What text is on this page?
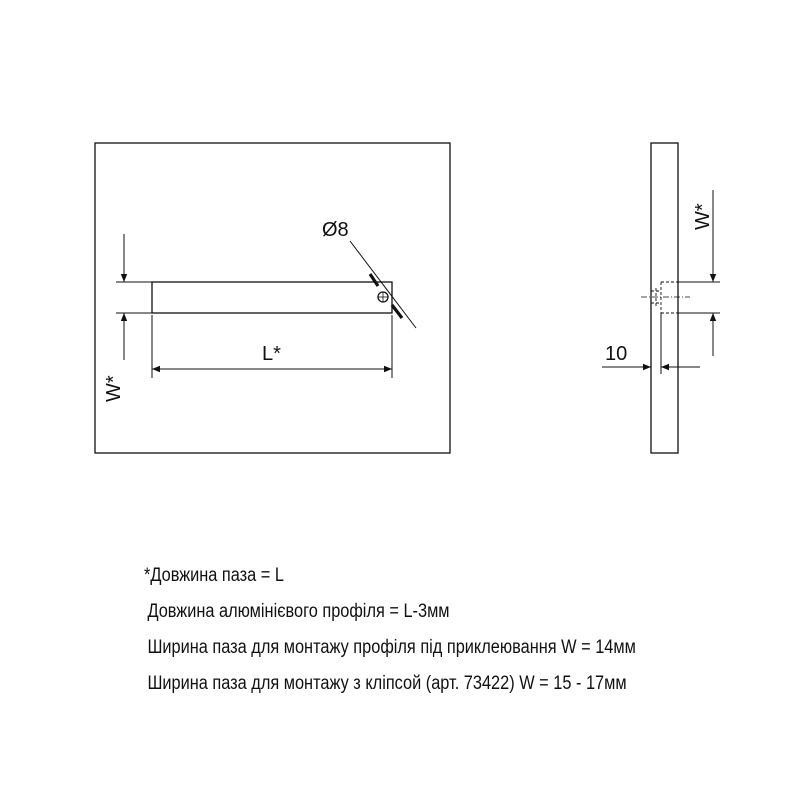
Ø8
L*
W*
W*
10
*Довжина паза = L
Довжина алюмінієвого профіля = L-3мм
Ширина паза для монтажу профіля під приклеювання W = 14мм
Ширина паза для монтажу з кліпсой (арт. 73422) W = 15 - 17мм
